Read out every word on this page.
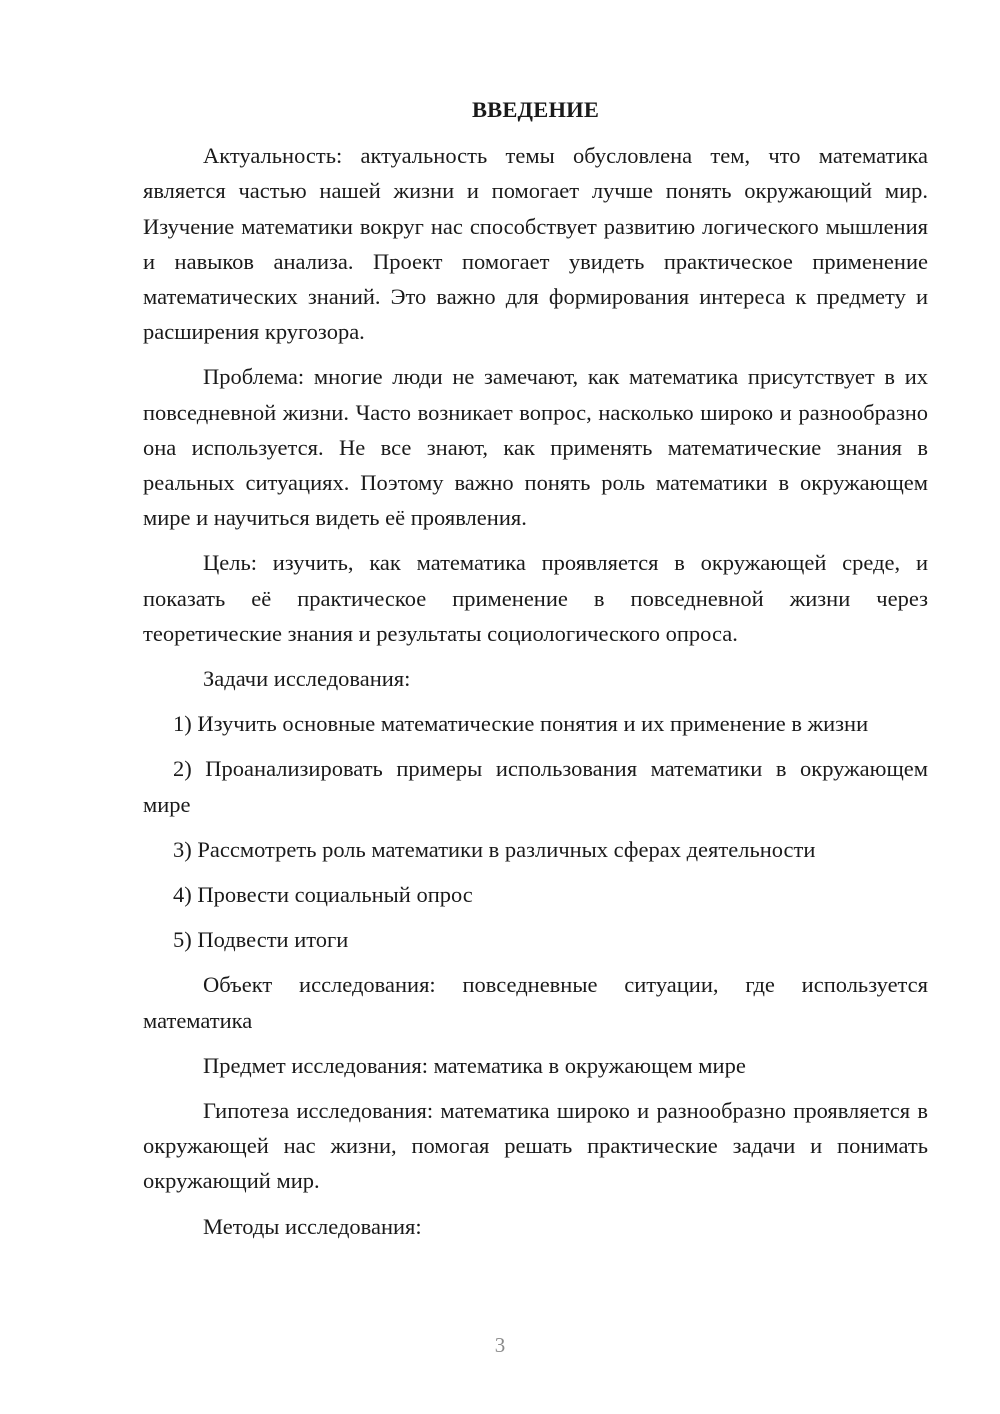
ВВЕДЕНИЕ

Актуальность: актуальность темы обусловлена тем, что математика является частью нашей жизни и помогает лучше понять окружающий мир. Изучение математики вокруг нас способствует развитию логического мышления и навыков анализа. Проект помогает увидеть практическое применение математических знаний. Это важно для формирования интереса к предмету и расширения кругозора.

Проблема: многие люди не замечают, как математика присутствует в их повседневной жизни. Часто возникает вопрос, насколько широко и разнообразно она используется. Не все знают, как применять математические знания в реальных ситуациях. Поэтому важно понять роль математики в окружающем мире и научиться видеть её проявления.

Цель: изучить, как математика проявляется в окружающей среде, и показать её практическое применение в повседневной жизни через теоретические знания и результаты социологического опроса.

Задачи исследования:

1) Изучить основные математические понятия и их применение в жизни

2) Проанализировать примеры использования математики в окружающем мире

3) Рассмотреть роль математики в различных сферах деятельности

4) Провести социальный опрос

5) Подвести итоги

Объект исследования: повседневные ситуации, где используется математика

Предмет исследования: математика в окружающем мире

Гипотеза исследования: математика широко и разнообразно проявляется в окружающей нас жизни, помогая решать практические задачи и понимать окружающий мир.

Методы исследования:

3
